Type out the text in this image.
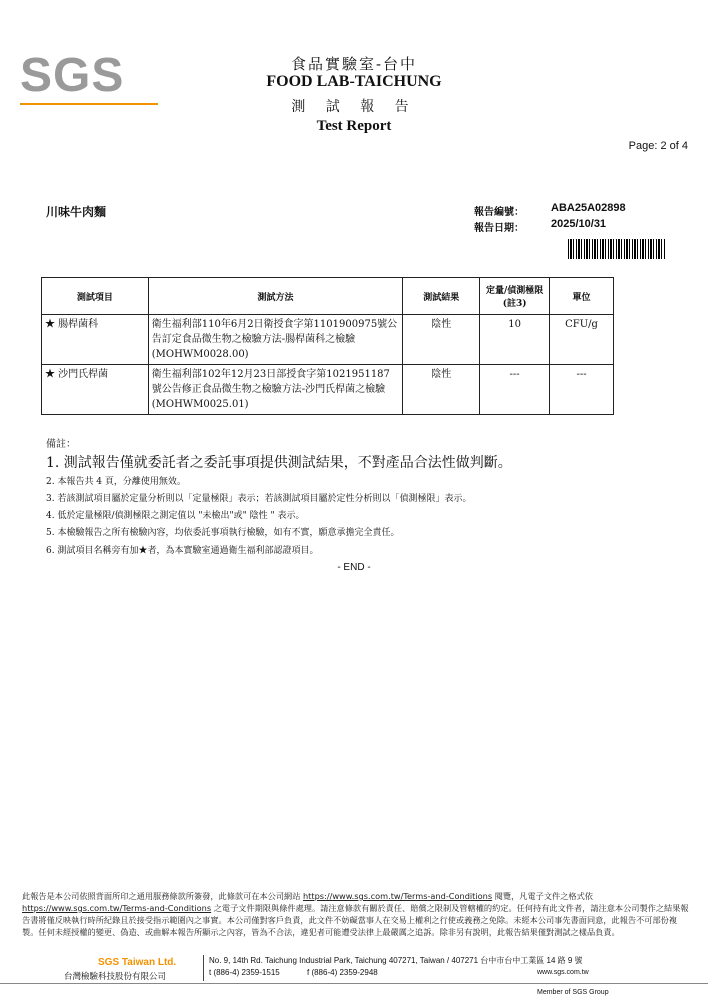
SGS	食品實驗室-台中
FOOD LAB-TAICHUNG
測 試 報 告
Test Report
Page: 2 of 4
川味牛肉麵	報告編號： ABA25A02898
報告日期： 2025/10/31
測試項目	測試方法	測試結果	定量/偵測極限(註3)	單位
★ 腸桿菌科	衛生福利部110年6月2日衛授食字第1101900975號公告訂定食品微生物之檢驗方法-腸桿菌科之檢驗(MOHWM0028.00)	陰性	10	CFU/g
★ 沙門氏桿菌	衛生福利部102年12月23日部授食字第1021951187號公告修正食品微生物之檢驗方法-沙門氏桿菌之檢驗(MOHWM0025.01)	陰性	---	---
備註：
1. 測試報告僅就委託者之委託事項提供測試結果，不對產品合法性做判斷。
2. 本報告共 4 頁，分離使用無效。
3. 若該測試項目屬於定量分析則以「定量極限」表示；若該測試項目屬於定性分析則以「偵測極限」表示。
4. 低於定量極限/偵測極限之測定值以 "未檢出"或" 陰性 " 表示。
5. 本檢驗報告之所有檢驗內容，均依委託事項執行檢驗，如有不實，願意承擔完全責任。
6. 測試項目名稱旁有加★者，為本實驗室通過衛生福利部認證項目。
- END -
此報告是本公司依照背面所印之通用服務條款所簽發，此條款可在本公司網站 https://www.sgs.com.tw/Terms-and-Conditions 閱覽，凡電子文件之格式依https://www.sgs.com.tw/Terms-and-Conditions 之電子文件期限與條件處理。請注意條款有關於責任、賠償之限制及管轄權的約定。任何持有此文件者，請注意本公司製作之結果報告書將僅反映執行時所紀錄且於接受指示範圍內之事實。本公司僅對客戶負責，此文件不妨礙當事人在交易上權利之行使或義務之免除。未經本公司事先書面同意，此報告不可部份複製。任何未經授權的變更、偽造、或曲解本報告所顯示之內容，皆為不合法，違犯者可能遭受法律上最嚴厲之追訴。除非另有說明，此報告結果僅對測試之樣品負責。
SGS Taiwan Ltd.
台灣檢驗科技股份有限公司
No. 9, 14th Rd. Taichung Industrial Park, Taichung 407271, Taiwan / 407271 台中市台中工業區 14 路 9 號
t (886-4) 2359-1515	f (886-4) 2359-2948	www.sgs.com.tw
Member of SGS Group
